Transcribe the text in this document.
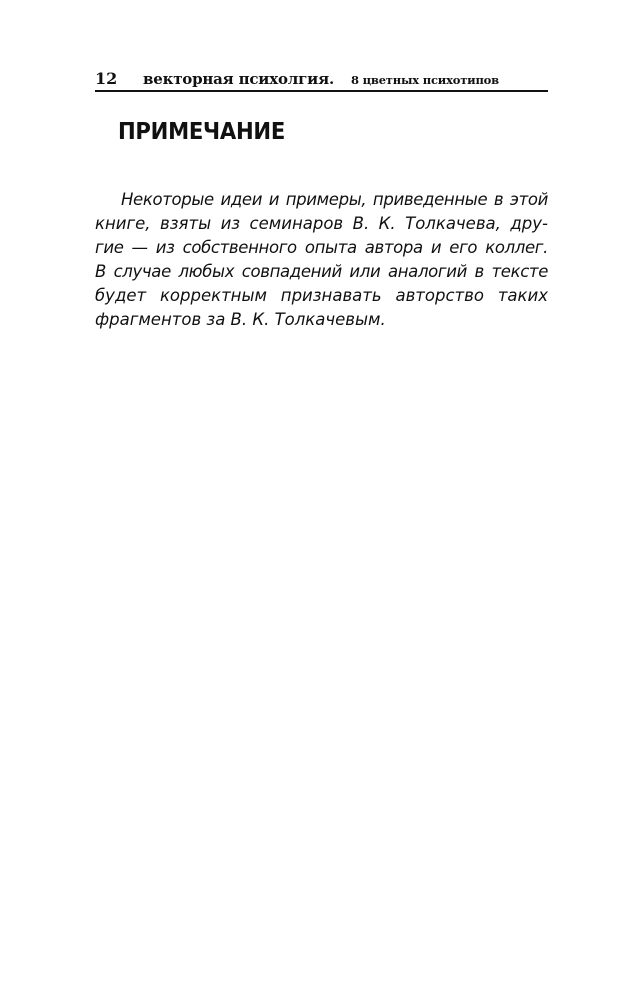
12 векторная психолгия. 8 цветных психотипов
ПРИМЕЧАНИЕ
Некоторые идеи и примеры, приведенные в этой
книге, взяты из семинаров В. К. Толкачева, дру-
гие — из собственного опыта автора и его коллег.
В случае любых совпадений или аналогий в тексте
будет корректным признавать авторство таких
фрагментов за В. К. Толкачевым.
